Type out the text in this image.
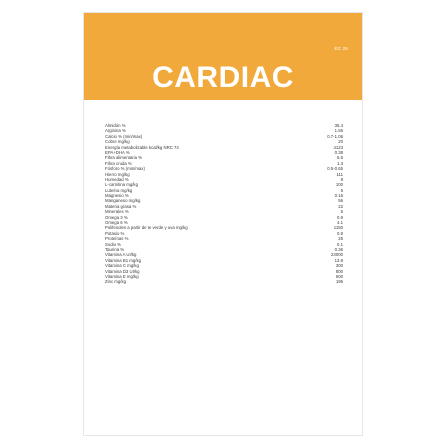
EC 25
CARDIAC
Almidón %	35.4
Arginina %	1.55
Calcio % (min/max)	0.7-1.06
Cobre mg/kg	20
Energía metabolizable kcal/kg NRC 74	4123
EPA+DHA %	0.38
Fibra alimentaria %	5.6
Fibra cruda %	1.3
Fósforo % (min/max)	0.5-0.65
Hierro mg/kg	111
Humedad %	8
L-carnitina mg/kg	100
Luteína mg/kg	5
Magnesio %	0.15
Manganeso mg/kg	56
Materia grasa %	22
Minerales %	5
Omega 3 %	0.9
Omega 6 %	4.1
Polifenoles a partir de te verde y uva mg/kg	1150
Potasio %	0.8
Proteínas %	25
Sodio %	0.1
Taurina %	0.36
Vitamina A UI/kg	23000
Vitamina B1 mg/kg	13.8
Vitamina C mg/kg	300
Vitamina D3 UI/kg	800
Vitamina E mg/kg	600
Zinc mg/kg	195
